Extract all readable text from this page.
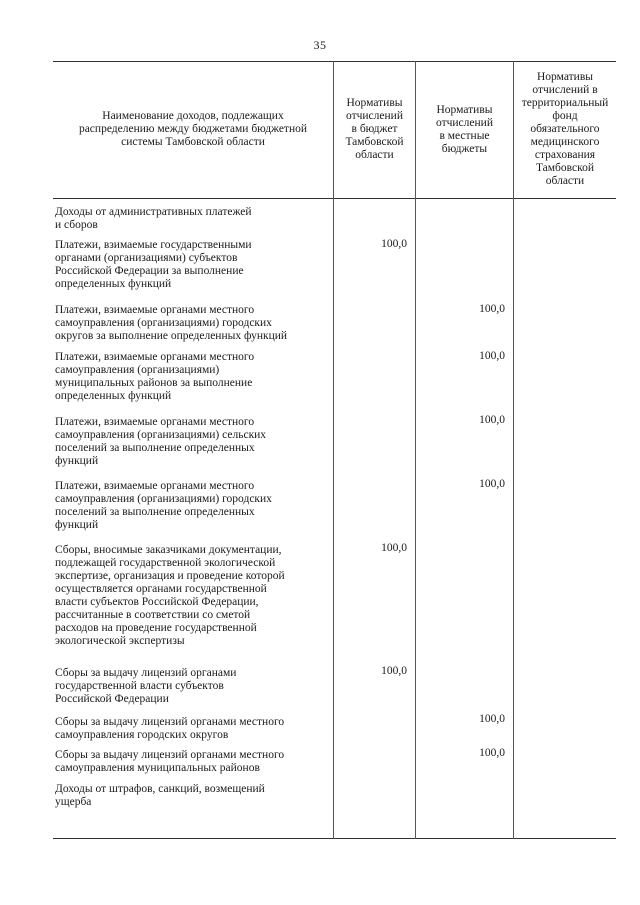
35
Наименование доходов, подлежащих
распределению между бюджетами бюджетной
системы Тамбовской области
Нормативы
отчислений
в бюджет
Тамбовской
области
Нормативы
отчислений
в местные
бюджеты
Нормативы
отчислений в
территориальный
фонд
обязательного
медицинского
страхования
Тамбовской
области
Доходы от административных платежей
и сборов
Платежи, взимаемые государственными
органами (организациями) субъектов
Российской Федерации за выполнение
определенных функций
100,0
Платежи, взимаемые органами местного
самоуправления (организациями) городских
округов за выполнение определенных функций
100,0
Платежи, взимаемые органами местного
самоуправления (организациями)
муниципальных районов за выполнение
определенных функций
100,0
Платежи, взимаемые органами местного
самоуправления (организациями) сельских
поселений за выполнение определенных
функций
100,0
Платежи, взимаемые органами местного
самоуправления (организациями) городских
поселений за выполнение определенных
функций
100,0
Сборы, вносимые заказчиками документации,
подлежащей государственной экологической
экспертизе, организация и проведение которой
осуществляется органами государственной
власти субъектов Российской Федерации,
рассчитанные в соответствии со сметой
расходов на проведение государственной
экологической экспертизы
100,0
Сборы за выдачу лицензий органами
государственной власти субъектов
Российской Федерации
100,0
Сборы за выдачу лицензий органами местного
самоуправления городских округов
100,0
Сборы за выдачу лицензий органами местного
самоуправления муниципальных районов
100,0
Доходы от штрафов, санкций, возмещений
ущерба
